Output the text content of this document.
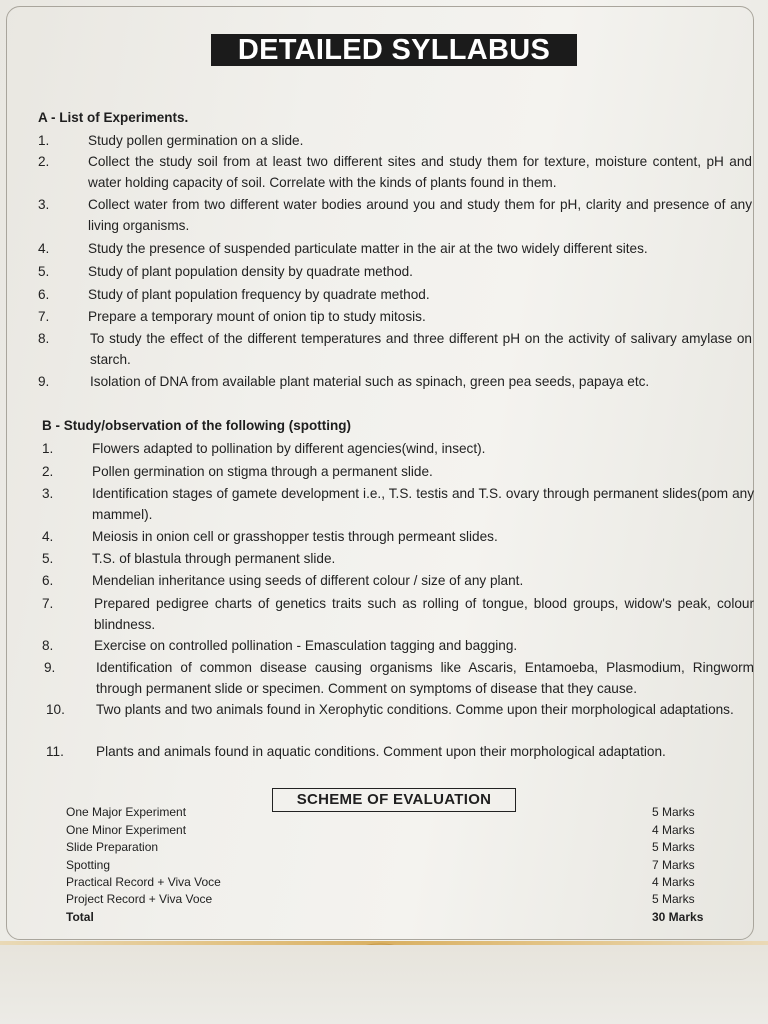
DETAILED SYLLABUS
A - List of Experiments.
1.	Study pollen germination on a slide.
2.	Collect the study soil from at least two different sites and study them for texture, moisture content, pH and water holding capacity of soil. Correlate with the kinds of plants found in them.
3.	Collect water from two different water bodies around you and study them for pH, clarity and presence of any living organisms.
4.	Study the presence of suspended particulate matter in the air at the two widely different sites.
5.	Study of plant population density by quadrate method.
6.	Study of plant population frequency by quadrate method.
7.	Prepare a temporary mount of onion tip to study mitosis.
8.	To study the effect of the different temperatures and three different pH on the activity of salivary amylase on starch.
9.	Isolation of DNA from available plant material such as spinach, green pea seeds, papaya etc.
B - Study/observation of the following (spotting)
1.	Flowers adapted to pollination by different agencies(wind, insect).
2.	Pollen germination on stigma through a permanent slide.
3.	Identification stages of gamete development i.e., T.S. testis and T.S. ovary through permanent slides(pom any mammel).
4.	Meiosis in onion cell or grasshopper testis through permeant slides.
5.	T.S. of blastula through permanent slide.
6.	Mendelian inheritance using seeds of different colour / size of any plant.
7.	Prepared pedigree charts of genetics traits such as rolling of tongue, blood groups, widow's peak, colour blindness.
8.	Exercise on controlled pollination - Emasculation tagging and bagging.
9.	Identification of common disease causing organisms like Ascaris, Entamoeba, Plasmodium, Ringworm through permanent slide or specimen. Comment on symptoms of disease that they cause.
10.	Two plants and two animals found in Xerophytic conditions. Comme upon their morphological adaptations.
11.	Plants and animals found in aquatic conditions. Comment upon their morphological adaptation.
SCHEME OF EVALUATION
One Major Experiment	5 Marks
One Minor Experiment	4 Marks
Slide Preparation	5 Marks
Spotting	7 Marks
Practical Record + Viva Voce	4 Marks
Project Record + Viva Voce	5 Marks
Total	30 Marks
